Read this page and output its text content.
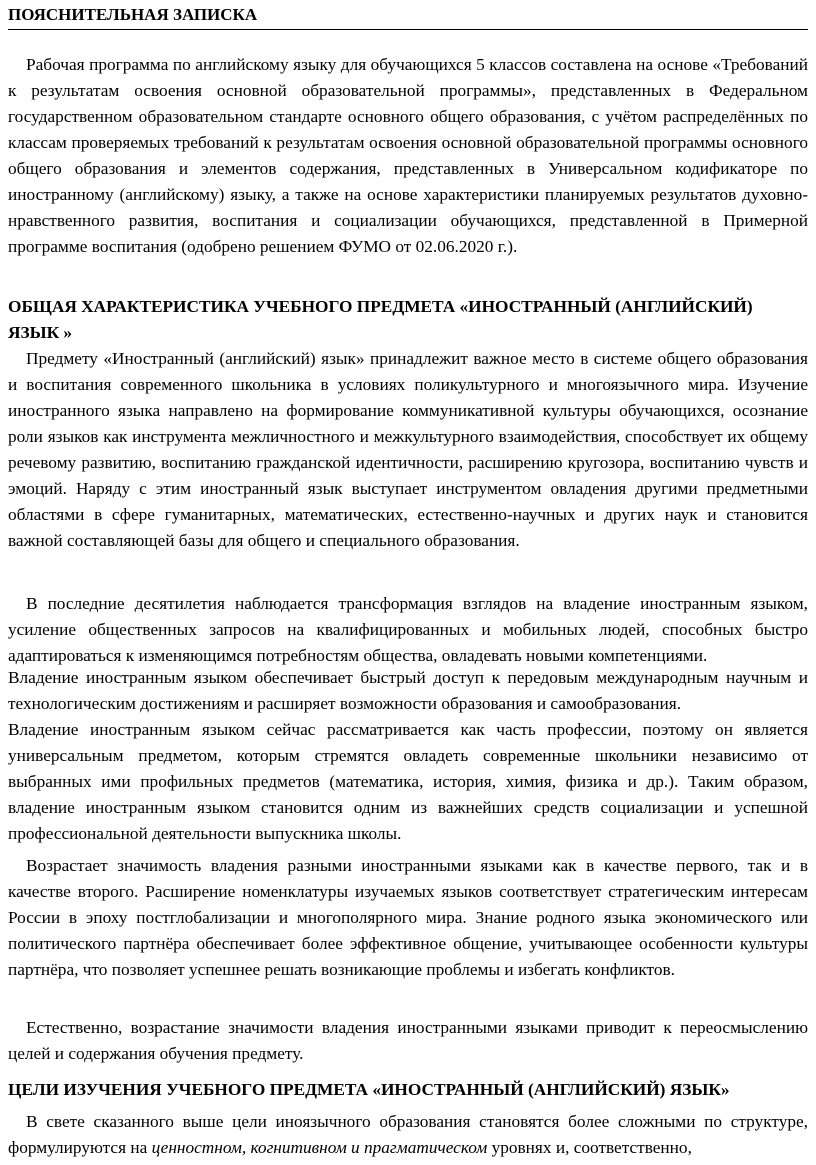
ПОЯСНИТЕЛЬНАЯ ЗАПИСКА

Рабочая программа по английскому языку для обучающихся 5 классов составлена на основе «Требований к результатам освоения основной образовательной программы», представленных в Федеральном государственном образовательном стандарте основного общего образования, с учётом распределённых по классам проверяемых требований к результатам освоения основной образовательной программы основного общего образования и элементов содержания, представленных в Универсальном кодификаторе по иностранному (английскому) языку, а также на основе характеристики планируемых результатов духовно-нравственного развития, воспитания и социализации обучающихся, представленной в Примерной программе воспитания (одобрено решением ФУМО от 02.06.2020 г.).

ОБЩАЯ ХАРАКТЕРИСТИКА УЧЕБНОГО ПРЕДМЕТА «ИНОСТРАННЫЙ (АНГЛИЙСКИЙ) ЯЗЫК »

Предмету «Иностранный (английский) язык» принадлежит важное место в системе общего образования и воспитания современного школьника в условиях поликультурного и многоязычного мира. Изучение иностранного языка направлено на формирование коммуникативной культуры обучающихся, осознание роли языков как инструмента межличностного и межкультурного взаимодействия, способствует их общему речевому развитию, воспитанию гражданской идентичности, расширению кругозора, воспитанию чувств и эмоций. Наряду с этим иностранный язык выступает инструментом овладения другими предметными областями в сфере гуманитарных, математических, естественно-научных и других наук и становится важной составляющей базы для общего и специального образования.

В последние десятилетия наблюдается трансформация взглядов на владение иностранным языком, усиление общественных запросов на квалифицированных и мобильных людей, способных быстро адаптироваться к изменяющимся потребностям общества, овладевать новыми компетенциями.

Владение иностранным языком обеспечивает быстрый доступ к передовым международным научным и технологическим достижениям и расширяет возможности образования и самообразования.

Владение иностранным языком сейчас рассматривается как часть профессии, поэтому он является универсальным предметом, которым стремятся овладеть современные школьники независимо от выбранных ими профильных предметов (математика, история, химия, физика и др.). Таким образом, владение иностранным языком становится одним из важнейших средств социализации и успешной профессиональной деятельности выпускника школы.

Возрастает значимость владения разными иностранными языками как в качестве первого, так и в качестве второго. Расширение номенклатуры изучаемых языков соответствует стратегическим интересам России в эпоху постглобализации и многополярного мира. Знание родного языка экономического или политического партнёра обеспечивает более эффективное общение, учитывающее особенности культуры партнёра, что позволяет успешнее решать возникающие проблемы и избегать конфликтов.

Естественно, возрастание значимости владения иностранными языками приводит к переосмыслению целей и содержания обучения предмету.

ЦЕЛИ ИЗУЧЕНИЯ УЧЕБНОГО ПРЕДМЕТА «ИНОСТРАННЫЙ (АНГЛИЙСКИЙ) ЯЗЫК»

В свете сказанного выше цели иноязычного образования становятся более сложными по структуре, формулируются на ценностном, когнитивном и прагматическом уровнях и, соответственно,
